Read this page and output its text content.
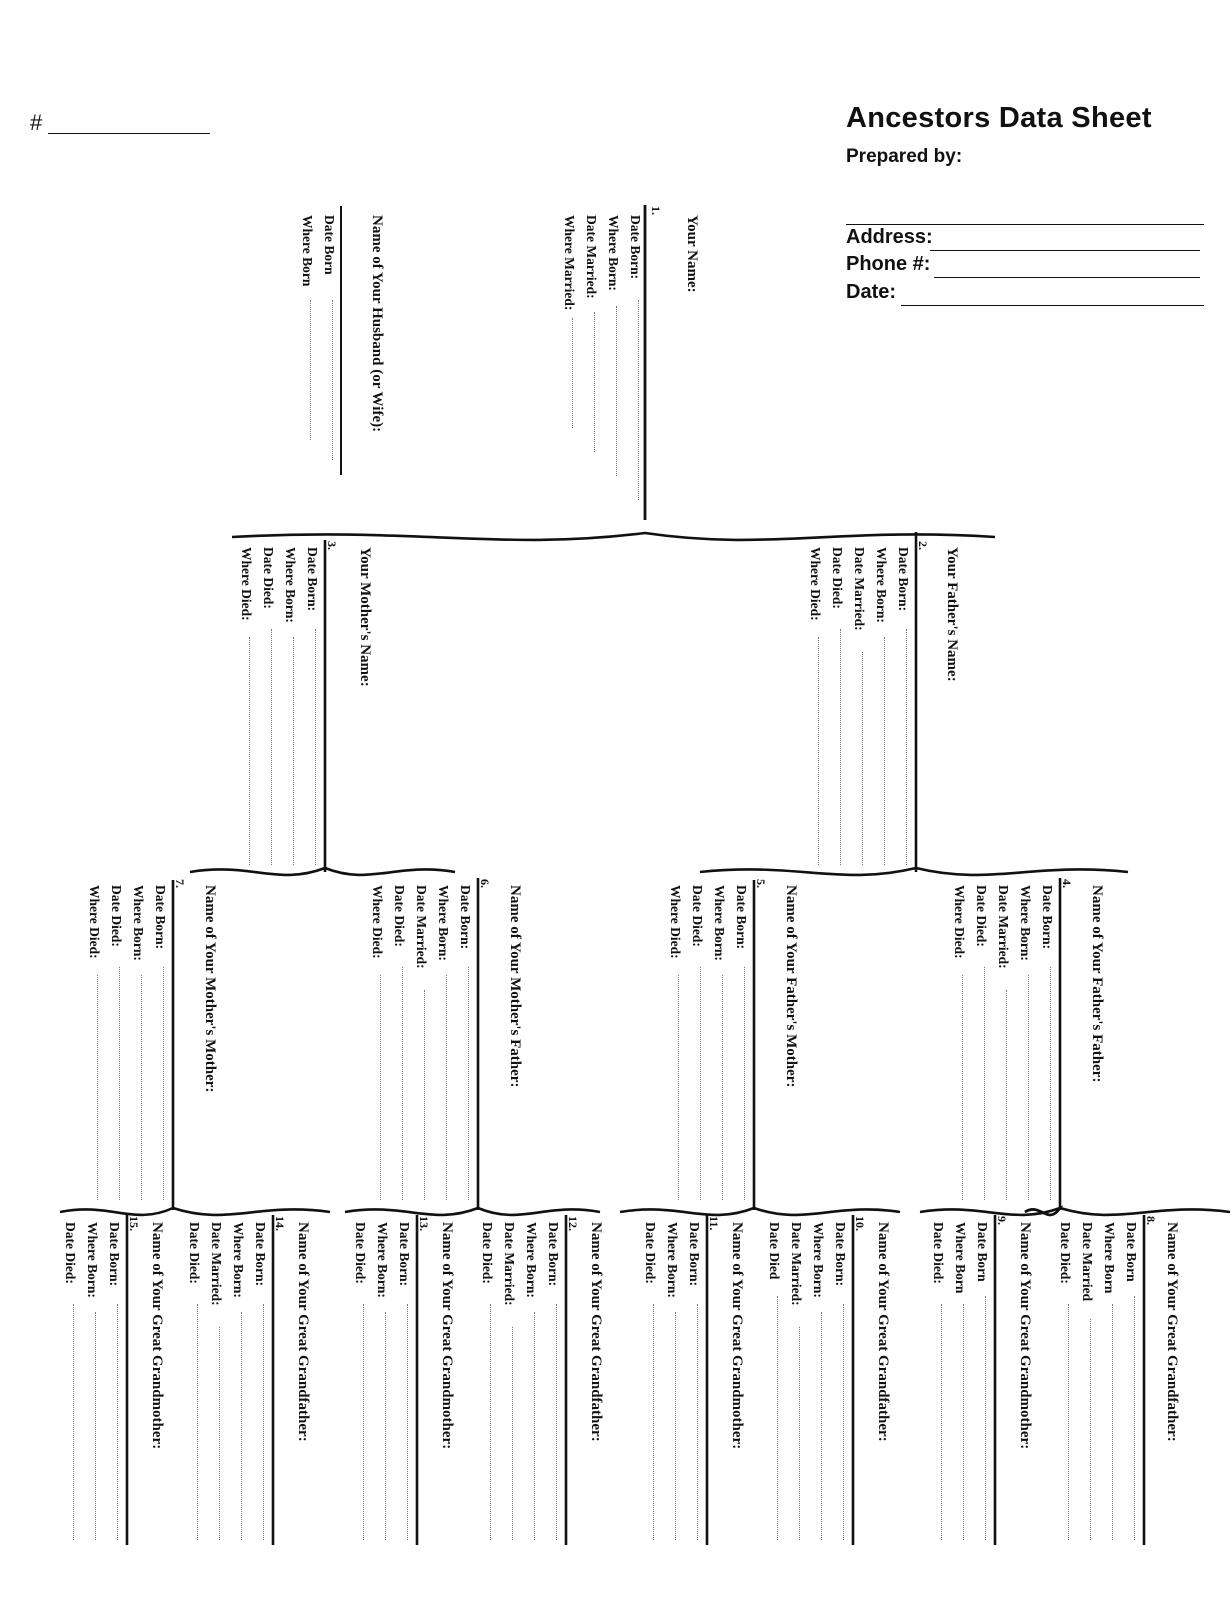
#	Ancestors Data Sheet
Prepared by:
Address:
Phone #:
Date:
1.
Your Name:
Date Born:
Where Born:
Date Married:
Where Married:
Name of Your Husband (or Wife):
Date Born
Where Born
2.
Your Father's Name:
Date Born:
Where Born:
Date Married:
Date Died:
Where Died:
3.
Your Mother's Name:
Date Born:
Where Born:
Date Died:
Where Died:
4.
Name of Your Father's Father:
Date Born:
Where Born:
Date Married:
Date Died:
Where Died:
5.
Name of Your Father's Mother:
Date Born:
Where Born:
Date Died:
Where Died:
6.
Name of Your Mother's Father:
Date Born:
Where Born:
Date Married:
Date Died:
Where Died:
7.
Name of Your Mother's Mother:
Date Born:
Where Born:
Date Died:
Where Died:
8.
Name of Your Great Grandfather:
Date Born
Where Born
Date Married
Date Died:
9.
Name of Your Great Grandmother:
Date Born
Where Born
Date Died:
10. Name of Your Great Grandfather:
Date Born:
Where Born:
Date Married:
Date Died
11. Name of Your Great Grandmother:
Date Born:
Where Born:
Date Died:
12. Name of Your Great Grandfather:
Date Born:
Where Born:
Date Married:
Date Died:
13. Name of Your Great Grandmother:
Date Born:
Where Born:
Date Died:
14. Name of Your Great Grandfather:
Date Born:
Where Born:
Date Married:
Date Died:
15. Name of Your Great Grandmother:
Date Born:
Where Born:
Date Died:
